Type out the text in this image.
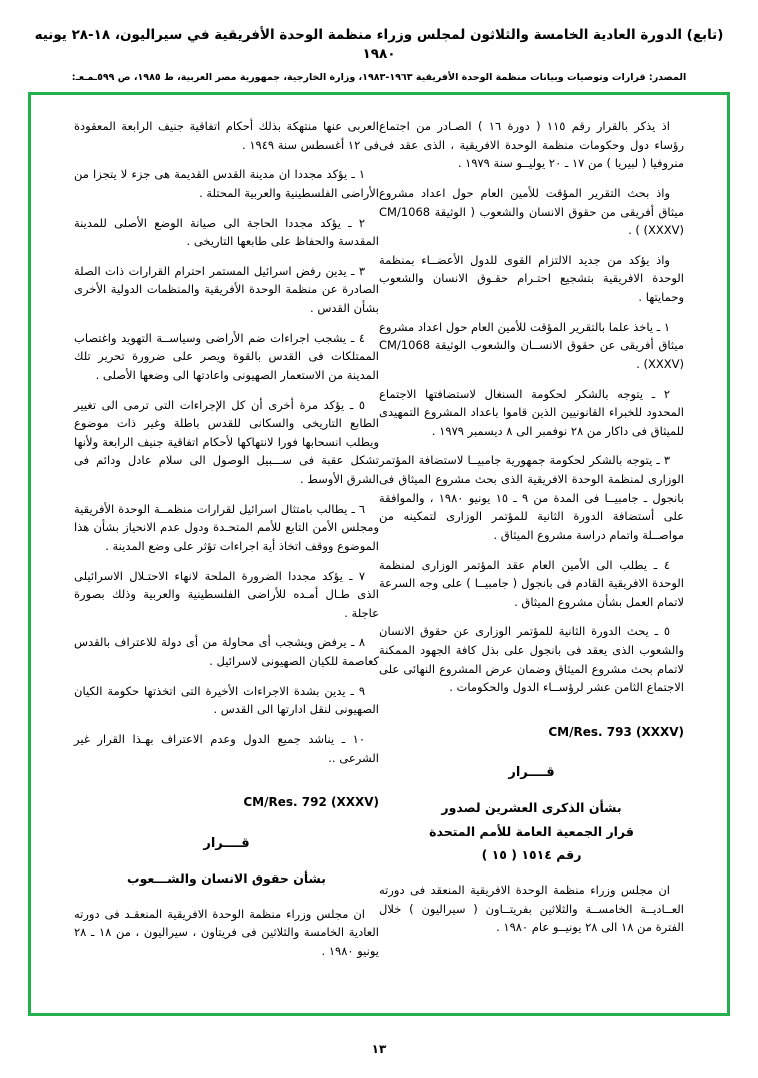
(تابع) الدورة العادية الخامسة والثلاثون لمجلس وزراء منظمة الوحدة الأفريقية في سيراليون، ١٨-٢٨ يونيه ١٩٨٠
المصدر: قرارات وتوصيات وبيانات منظمة الوحدة الأفريقية ١٩٦٣-١٩٨٣، وزارة الخارجية، جمهورية مصر العربية، ط ١٩٨٥، ص ٥٩٩ـمـعـ:

اذ يذكر بالقرار رقم ١١٥ ( دورة ١٦ ) الصـادر من اجتماع رؤساء دول وحكومات منظمة الوحدة الافريقية ، الذى عقد فى منروفيا ( لبيريا ) من ١٧ ـ ٢٠ يوليــو سنة ١٩٧٩ .

واذ بحث التقرير المؤقت للأمين العام حول اعداد مشروع ميثاق أفريقى من حقوق الانسان والشعوب ( الوثيقة CM/1068 (XXXV) ) .

واذ يؤكد من جديد الالتزام القوى للدول الأعضــاء بمنظمة الوحدة الافريقية بتشجيع احتـرام حقـوق الانسان والشعوب وحمايتها .

١ ـ ياخذ علما بالتقرير المؤقت للأمين العام حول اعداد مشروع ميثاق أفريقى عن حقوق الانســان والشعوب الوثيقة CM/1068 (XXXV) .

٢ ـ يتوجه بالشكر لحكومة السنغال لاستضافتها الاجتماع المحدود للخبراء القانونيين الذين قاموا باعداد المشروع التمهيدى للميثاق فى داكار من ٢٨ نوفمبر الى ٨ ديسمبر ١٩٧٩ .

٣ ـ يتوجه بالشكر لحكومة جمهورية جامبيــا لاستضافة المؤتمر الوزارى لمنظمة الوحدة الافريقية الذى بحث مشروع الميثاق فى بانجول ـ جامبيــا فى المدة من ٩ ـ ١٥ يونيو ١٩٨٠ ، والموافقة على أستضافة الدورة الثانية للمؤتمر الوزارى لتمكينه من مواصــلة واتمام دراسة مشروع الميثاق .

٤ ـ يطلب الى الأمين العام عقد المؤتمر الوزارى لمنظمة الوحدة الافريقية القادم فى بانجول ( جامبيــا ) على وجه السرعة لاتمام العمل بشأن مشروع الميثاق .

٥ ـ يحث الدورة الثانية للمؤتمر الوزارى عن حقوق الانسان والشعوب الذى يعقد فى بانجول على بذل كافة الجهود الممكنة لاتمام بحث مشروع الميثاق وضمان عرض المشروع النهائى على الاجتماع الثامن عشر لرؤســاء الدول والحكومات .

CM/Res. 793 (XXXV)
قــــرار
بشأن الذكرى العشرين لصدور
قرار الجمعية العامة للأمم المتحدة
رقم ١٥١٤ ( ١٥ )

ان مجلس وزراء منظمة الوحدة الافريقية المنعقد فى دورته العــاديــة الخامســة والثلاثين بفريتــاون ( سيراليون ) خلال الفترة من ١٨ الى ٢٨ يونيــو عام ١٩٨٠ .

العربى عنها منتهكة بذلك أحكام اتفاقية جنيف الرابعة المعقودة فى ١٢ أغسطس سنة ١٩٤٩ .

١ ـ يؤكد مجددا ان مدينة القدس القديمة هى جزء لا يتجزا من الأراضى الفلسطينية والعربية المحتلة .

٢ ـ يؤكد مجددا الحاجة الى صيانة الوضع الأصلى للمدينة المقدسة والحفاظ على طابعها التاريخى .

٣ ـ يدين رفض اسرائيل المستمر احترام القرارات ذات الصلة الصادرة عن منظمة الوحدة الأفريقية والمنظمات الدولية الأخرى بشأن القدس .

٤ ـ يشجب اجراءات ضم الأراضى وسياســة التهويد واغتصاب الممتلكات فى القدس بالقوة ويصر على ضرورة تحرير تلك المدينة من الاستعمار الصهيونى واعادتها الى وضعها الأصلى .

٥ ـ يؤكد مرة أخرى أن كل الإجراءات التى ترمى الى تغيير الطابع التاريخى والسكانى للقدس باطلة وغير ذات موضوع ويطلب انسحابها فورا لانتهاكها لأحكام اتفاقية جنيف الرابعة ولأنها تشكل عقبة فى ســـبيل الوصول الى سلام عادل ودائم فى الشرق الأوسط .

٦ ـ يطالب بامتثال اسرائيل لقرارات منظمــة الوحدة الأفريقية ومجلس الأمن التابع للأمم المتحـدة ودول عدم الانحياز بشأن هذا الموضوع ووقف اتخاذ أية اجراءات تؤثر على وضع المدينة .

٧ ـ يؤكد مجددا الضرورة الملحة لانهاء الاحتـلال الاسرائيلى الذى طـال أمـده للأراضى الفلسطينية والعربية وذلك بصورة عاجلة .

٨ ـ يرفض ويشجب أى محاولة من أى دولة للاعتراف بالقدس كعاصمة للكيان الصهيونى لاسرائيل .

٩ ـ يدين بشدة الاجراءات الأخيرة التى اتخذتها حكومة الكيان الصهيونى لنقل ادارتها الى القدس .

١٠ ـ يناشد جميع الدول وعدم الاعتراف بهـذا القرار غير الشرعى ..

CM/Res. 792 (XXXV)
قــــرار
بشأن حقوق الانسان والشـــعوب

ان مجلس وزراء منظمة الوحدة الافريقية المنعقـد فى دورته العادية الخامسة والثلاثين فى فريتاون ، سيراليون ، من ١٨ ـ ٢٨ يونيو ١٩٨٠ .

١٣
